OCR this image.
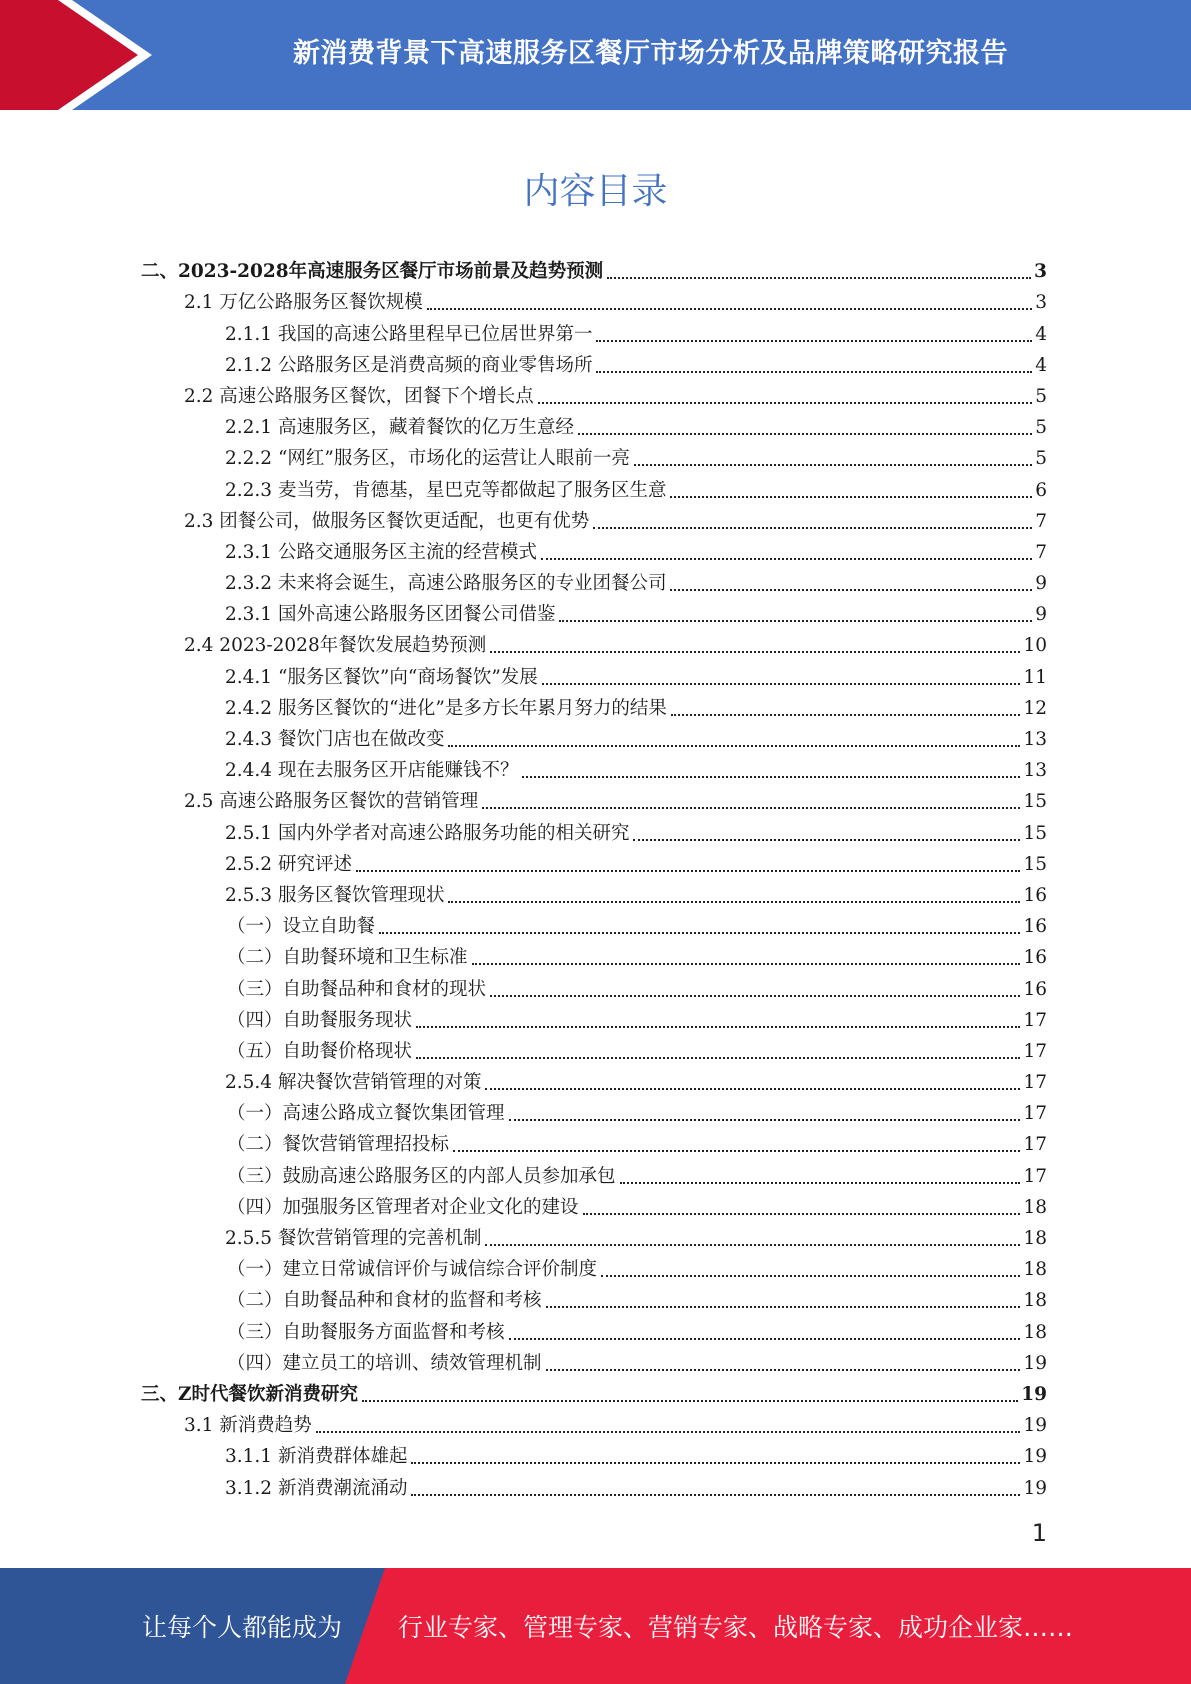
新消费背景下高速服务区餐厅市场分析及品牌策略研究报告
内容目录
二、2023-2028年高速服务区餐厅市场前景及趋势预测	3
2.1 万亿公路服务区餐饮规模	3
2.1.1 我国的高速公路里程早已位居世界第一	4
2.1.2 公路服务区是消费高频的商业零售场所	4
2.2 高速公路服务区餐饮，团餐下个增长点	5
2.2.1 高速服务区，藏着餐饮的亿万生意经	5
2.2.2 “网红”服务区，市场化的运营让人眼前一亮	5
2.2.3 麦当劳，肯德基，星巴克等都做起了服务区生意	6
2.3 团餐公司，做服务区餐饮更适配，也更有优势	7
2.3.1 公路交通服务区主流的经营模式	7
2.3.2 未来将会诞生，高速公路服务区的专业团餐公司	9
2.3.1 国外高速公路服务区团餐公司借鉴	9
2.4 2023-2028年餐饮发展趋势预测	10
2.4.1 “服务区餐饮”向“商场餐饮”发展	11
2.4.2 服务区餐饮的“进化”是多方长年累月努力的结果	12
2.4.3 餐饮门店也在做改变	13
2.4.4 现在去服务区开店能赚钱不？	13
2.5 高速公路服务区餐饮的营销管理	15
2.5.1 国内外学者对高速公路服务功能的相关研究	15
2.5.2 研究评述	15
2.5.3 服务区餐饮管理现状	16
（一）设立自助餐	16
（二）自助餐环境和卫生标准	16
（三）自助餐品种和食材的现状	16
（四）自助餐服务现状	17
（五）自助餐价格现状	17
2.5.4 解决餐饮营销管理的对策	17
（一）高速公路成立餐饮集团管理	17
（二）餐饮营销管理招投标	17
（三）鼓励高速公路服务区的内部人员参加承包	17
（四）加强服务区管理者对企业文化的建设	18
2.5.5 餐饮营销管理的完善机制	18
（一）建立日常诚信评价与诚信综合评价制度	18
（二）自助餐品种和食材的监督和考核	18
（三）自助餐服务方面监督和考核	18
（四）建立员工的培训、绩效管理机制	19
三、Z时代餐饮新消费研究	19
3.1 新消费趋势	19
3.1.1 新消费群体雄起	19
3.1.2 新消费潮流涌动	19
1
让每个人都能成为 行业专家、管理专家、营销专家、战略专家、成功企业家……
